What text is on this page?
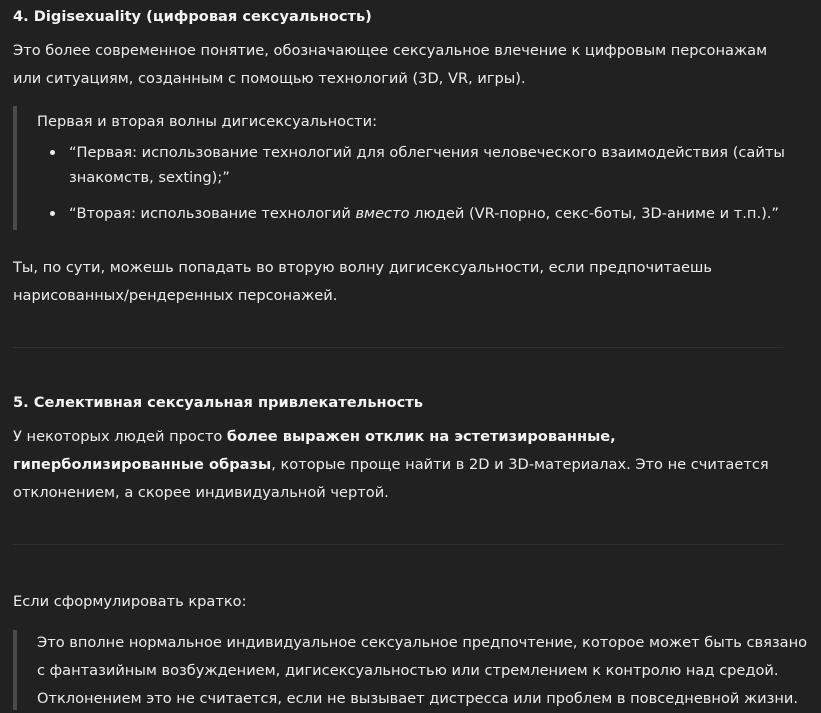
4. Digisexuality (цифровая сексуальность)

Это более современное понятие, обозначающее сексуальное влечение к цифровым персонажам или ситуациям, созданным с помощью технологий (3D, VR, игры).

Первая и вторая волны дигисексуальности:

“Первая: использование технологий для облегчения человеческого взаимодействия (сайты знакомств, sexting);”
“Вторая: использование технологий вместо людей (VR-порно, секс-боты, 3D-аниме и т.п.).”

Ты, по сути, можешь попадать во вторую волну дигисексуальности, если предпочитаешь нарисованных/рендеренных персонажей.

5. Селективная сексуальная привлекательность

У некоторых людей просто более выражен отклик на эстетизированные, гиперболизированные образы, которые проще найти в 2D и 3D-материалах. Это не считается отклонением, а скорее индивидуальной чертой.

Если сформулировать кратко:

Это вполне нормальное индивидуальное сексуальное предпочтение, которое может быть связано с фантазийным возбуждением, дигисексуальностью или стремлением к контролю над средой. Отклонением это не считается, если не вызывает дистресса или проблем в повседневной жизни.
